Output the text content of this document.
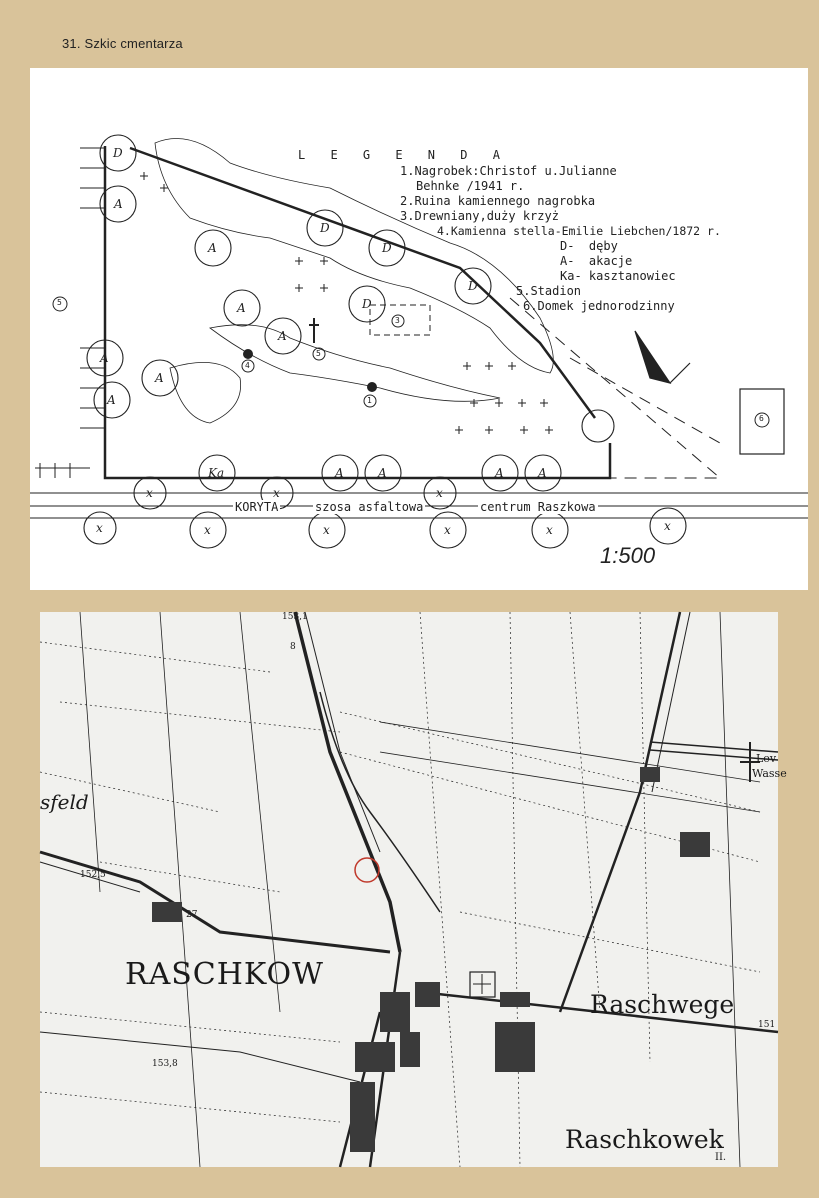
31. Szkic cmentarza
D
A
A
A
A
A
A
A
D
D
D
D
Ka	A	A	A	A
x	x	x
x	x	x	x	x	x
5
4
1
5
3
6
L E G E N D A
1.Nagrobek:Christof u.Julianne
Behnke /1941 r.
2.Ruina kamiennego nagrobka
3.Drewniany,duży krzyż
4.Kamienna stella-Emilie Liebchen/1872 r.
D-  dęby
A-  akacje
Ka- kasztanowiec
5.Stadion
6.Domek jednorodzinny
KORYTA	szosa asfaltowa	centrum Raszkowa
1:500
RASCHKOW
Raschwege
Raschkowek
sfeld
152,5
153,8
151
153,1
27
8
Lev
Wasse
II.
